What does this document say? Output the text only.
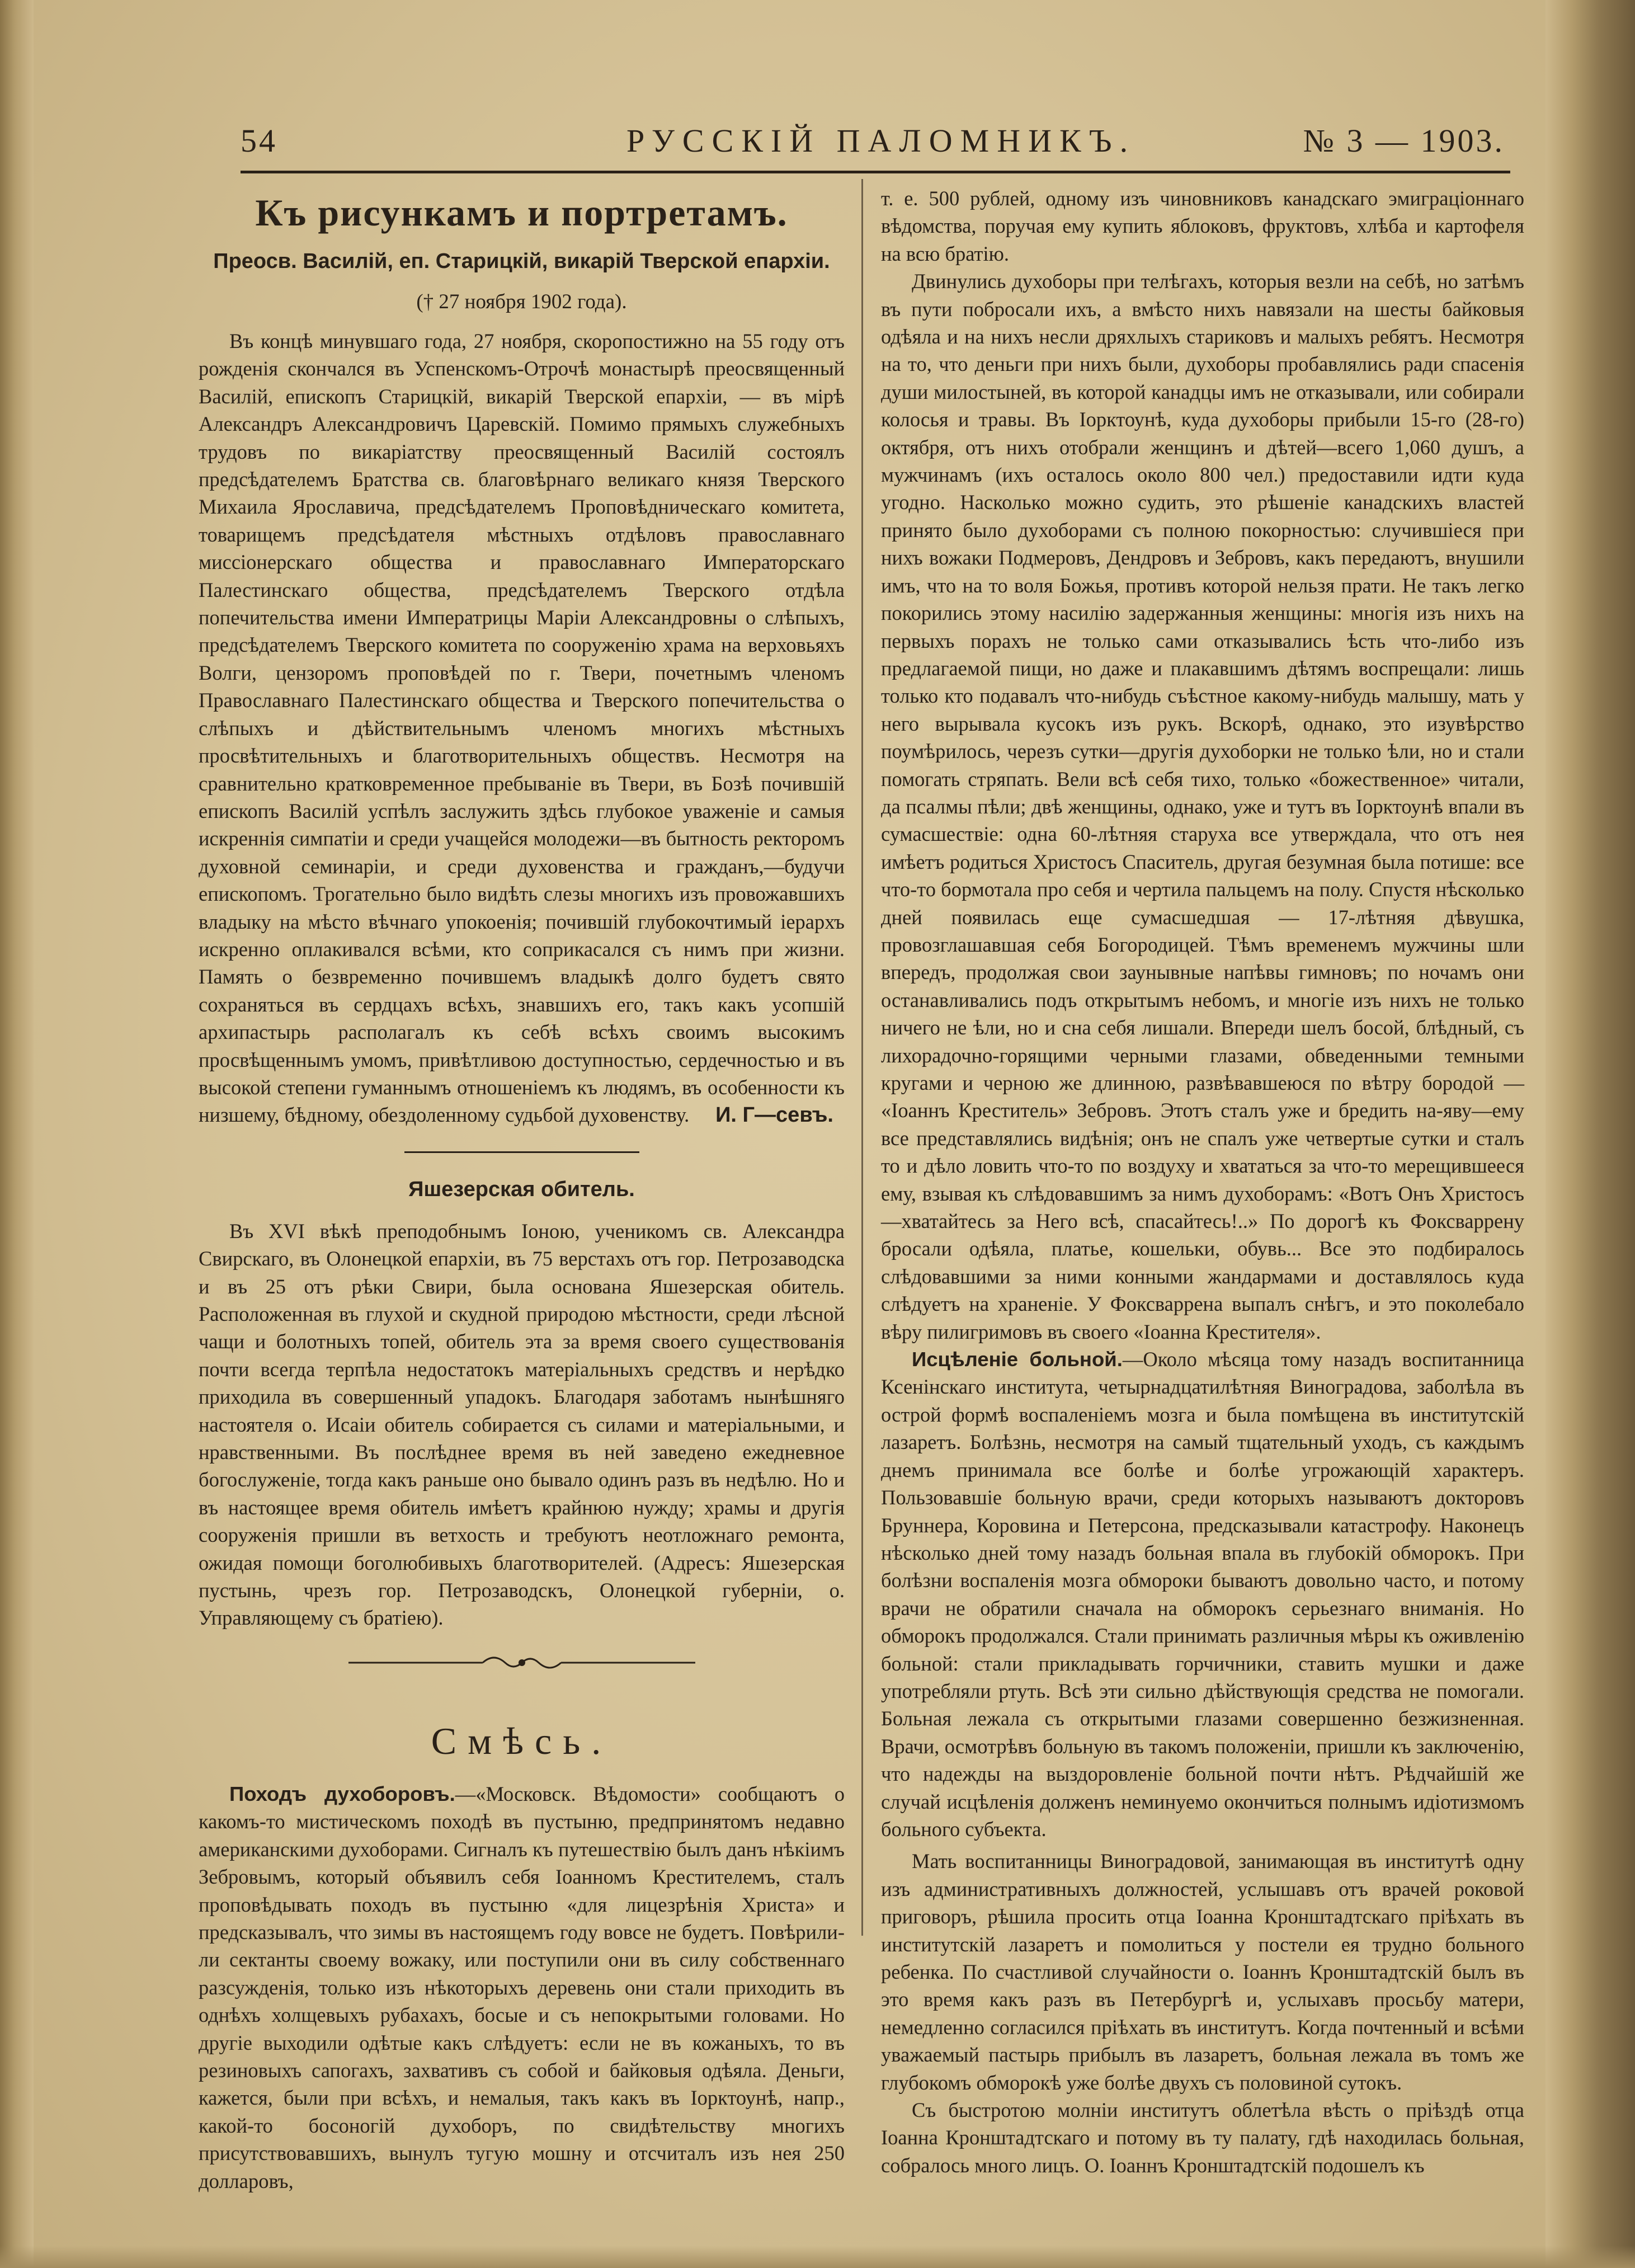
54	РУССКІЙ ПАЛОМНИКЪ.	№ 3 — 1903.
Къ рисункамъ и портретамъ.
Преосв. Василій, еп. Старицкій, викарій Тверской епархіи.
(† 27 ноября 1902 года).

Въ концѣ минувшаго года, 27 ноября, скоропостижно на 55 году отъ рожденія скончался въ Успенскомъ-Отрочѣ монастырѣ преосвященный Василій, епископъ Старицкій, викарій Тверской епархіи, — въ мірѣ Александръ Александровичъ Царевскій. Помимо прямыхъ служебныхъ трудовъ по викаріатству преосвященный Василій состоялъ предсѣдателемъ Братства св. благовѣрнаго великаго князя Тверского Михаила Ярославича, предсѣдателемъ Проповѣдническаго комитета, товарищемъ предсѣдателя мѣстныхъ отдѣловъ православнаго миссіонерскаго общества и православнаго Императорскаго Палестинскаго общества, предсѣдателемъ Тверского отдѣла попечительства имени Императрицы Маріи Александровны о слѣпыхъ, предсѣдателемъ Тверского комитета по сооруженію храма на верховьяхъ Волги, цензоромъ проповѣдей по г. Твери, почетнымъ членомъ Православнаго Палестинскаго общества и Тверского попечительства о слѣпыхъ и дѣйствительнымъ членомъ многихъ мѣстныхъ просвѣтительныхъ и благотворительныхъ обществъ. Несмотря на сравнительно кратковременное пребываніе въ Твери, въ Бозѣ почившій епископъ Василій успѣлъ заслужить здѣсь глубокое уваженіе и самыя искреннія симпатіи и среди учащейся молодежи—въ бытность ректоромъ духовной семинаріи, и среди духовенства и гражданъ,—будучи епископомъ. Трогательно было видѣть слезы многихъ изъ провожавшихъ владыку на мѣсто вѣчнаго упокоенія; почившій глубокочтимый іерархъ искренно оплакивался всѣми, кто соприкасался съ нимъ при жизни. Память о безвременно почившемъ владыкѣ долго будетъ свято сохраняться въ сердцахъ всѣхъ, знавшихъ его, такъ какъ усопшій архипастырь располагалъ къ себѣ всѣхъ своимъ высокимъ просвѣщеннымъ умомъ, привѣтливою доступностью, сердечностью и въ высокой степени гуманнымъ отношеніемъ къ людямъ, въ особенности къ низшему, бѣдному, обездоленному судьбой духовенству.	И. Г—севъ.
Яшезерская обитель.

Въ XVI вѣкѣ преподобнымъ Іоною, ученикомъ св. Александра Свирскаго, въ Олонецкой епархіи, въ 75 верстахъ отъ гор. Петрозаводска и въ 25 отъ рѣки Свири, была основана Яшезерская обитель. Расположенная въ глухой и скудной природою мѣстности, среди лѣсной чащи и болотныхъ топей, обитель эта за время своего существованія почти всегда терпѣла недостатокъ матеріальныхъ средствъ и нерѣдко приходила въ совершенный упадокъ. Благодаря заботамъ нынѣшняго настоятеля о. Исаіи обитель собирается съ силами и матеріальными, и нравственными. Въ послѣднее время въ ней заведено ежедневное богослуженіе, тогда какъ раньше оно бывало одинъ разъ въ недѣлю. Но и въ настоящее время обитель имѣетъ крайнюю нужду; храмы и другія сооруженія пришли въ ветхость и требуютъ неотложнаго ремонта, ожидая помощи боголюбивыхъ благотворителей. (Адресъ: Яшезерская пустынь, чрезъ гор. Петрозаводскъ, Олонецкой губерніи, о. Управляющему съ братіею).

Смѣсь.

Походъ духоборовъ.—«Московск. Вѣдомости» сообщаютъ о какомъ-то мистическомъ походѣ въ пустыню, предпринятомъ недавно американскими духоборами. Сигналъ къ путешествію былъ данъ нѣкіимъ Зебровымъ, который объявилъ себя Іоанномъ Крестителемъ, сталъ проповѣдывать походъ въ пустыню «для лицезрѣнія Христа» и предсказывалъ, что зимы въ настоящемъ году вовсе не будетъ. Повѣрили-ли сектанты своему вожаку, или поступили они въ силу собственнаго разсужденія, только изъ нѣкоторыхъ деревень они стали приходить въ однѣхъ холщевыхъ рубахахъ, босые и съ непокрытыми головами. Но другіе выходили одѣтые какъ слѣдуетъ: если не въ кожаныхъ, то въ резиновыхъ сапогахъ, захвативъ съ собой и байковыя одѣяла. Деньги, кажется, были при всѣхъ, и немалыя, такъ какъ въ Іорктоунѣ, напр., какой-то босоногій духоборъ, по свидѣтельству многихъ присутствовавшихъ, вынулъ тугую мошну и отсчиталъ изъ нея 250 долларовъ,

т. е. 500 рублей, одному изъ чиновниковъ канадскаго эмиграціоннаго вѣдомства, поручая ему купить яблоковъ, фруктовъ, хлѣба и картофеля на всю братію.

Двинулись духоборы при телѣгахъ, которыя везли на себѣ, но затѣмъ въ пути побросали ихъ, а вмѣсто нихъ навязали на шесты байковыя одѣяла и на нихъ несли дряхлыхъ стариковъ и малыхъ ребятъ. Несмотря на то, что деньги при нихъ были, духоборы пробавлялись ради спасенія души милостыней, въ которой канадцы имъ не отказывали, или собирали колосья и травы. Въ Іорктоунѣ, куда духоборы прибыли 15-го (28-го) октября, отъ нихъ отобрали женщинъ и дѣтей—всего 1,060 душъ, а мужчинамъ (ихъ осталось около 800 чел.) предоставили идти куда угодно. Насколько можно судить, это рѣшеніе канадскихъ властей принято было духоборами съ полною покорностью: случившіеся при нихъ вожаки Подмеровъ, Дендровъ и Зебровъ, какъ передаютъ, внушили имъ, что на то воля Божья, противъ которой нельзя прати. Не такъ легко покорились этому насилію задержанныя женщины: многія изъ нихъ на первыхъ порахъ не только сами отказывались ѣсть что-либо изъ предлагаемой пищи, но даже и плакавшимъ дѣтямъ воспрещали: лишь только кто подавалъ что-нибудь съѣстное какому-нибудь малышу, мать у него вырывала кусокъ изъ рукъ. Вскорѣ, однако, это изувѣрство поумѣрилось, черезъ сутки—другія духоборки не только ѣли, но и стали помогать стряпать. Вели всѣ себя тихо, только «божественное» читали, да псалмы пѣли; двѣ женщины, однако, уже и тутъ въ Іорктоунѣ впали въ сумасшествіе: одна 60-лѣтняя старуха все утверждала, что отъ нея имѣетъ родиться Христосъ Спаситель, другая безумная была потише: все что-то бормотала про себя и чертила пальцемъ на полу. Спустя нѣсколько дней появилась еще сумасшедшая — 17-лѣтняя дѣвушка, провозглашавшая себя Богородицей. Тѣмъ временемъ мужчины шли впередъ, продолжая свои заунывные напѣвы гимновъ; по ночамъ они останавливались подъ открытымъ небомъ, и многіе изъ нихъ не только ничего не ѣли, но и сна себя лишали. Впереди шелъ босой, блѣдный, съ лихорадочно-горящими черными глазами, обведенными темными кругами и черною же длинною, развѣвавшеюся по вѣтру бородой — «Іоаннъ Креститель» Зебровъ. Этотъ сталъ уже и бредить на-яву—ему все представлялись видѣнія; онъ не спалъ уже четвертые сутки и сталъ то и дѣло ловить что-то по воздуху и хвататься за что-то мерещившееся ему, взывая къ слѣдовавшимъ за нимъ духоборамъ: «Вотъ Онъ Христосъ—хватайтесь за Него всѣ, спасайтесь!..» По дорогѣ къ Фоксваррену бросали одѣяла, платье, кошельки, обувь... Все это подбиралось слѣдовавшими за ними конными жандармами и доставлялось куда слѣдуетъ на храненіе. У Фоксваррена выпалъ снѣгъ, и это поколебало вѣру пилигримовъ въ своего «Іоанна Крестителя».

Исцѣленіе больной.—Около мѣсяца тому назадъ воспитанница Ксенінскаго института, четырнадцатилѣтняя Виноградова, заболѣла въ острой формѣ воспаленіемъ мозга и была помѣщена въ институтскій лазаретъ. Болѣзнь, несмотря на самый тщательный уходъ, съ каждымъ днемъ принимала все болѣе и болѣе угрожающій характеръ. Пользовавшіе больную врачи, среди которыхъ называютъ докторовъ Бруннера, Коровина и Петерсона, предсказывали катастрофу. Наконецъ нѣсколько дней тому назадъ больная впала въ глубокій обморокъ. При болѣзни воспаленія мозга обмороки бываютъ довольно часто, и потому врачи не обратили сначала на обморокъ серьезнаго вниманія. Но обморокъ продолжался. Стали принимать различныя мѣры къ оживленію больной: стали прикладывать горчичники, ставить мушки и даже употребляли ртуть. Всѣ эти сильно дѣйствующія средства не помогали. Больная лежала съ открытыми глазами совершенно безжизненная. Врачи, осмотрѣвъ больную въ такомъ положеніи, пришли къ заключенію, что надежды на выздоровленіе больной почти нѣтъ. Рѣдчайшій же случай исцѣленія долженъ неминуемо окончиться полнымъ идіотизмомъ больного субъекта.

Мать воспитанницы Виноградовой, занимающая въ институтѣ одну изъ административныхъ должностей, услышавъ отъ врачей роковой приговоръ, рѣшила просить отца Іоанна Кронштадтскаго пріѣхать въ институтскій лазаретъ и помолиться у постели ея трудно больного ребенка. По счастливой случайности о. Іоаннъ Кронштадтскій былъ въ это время какъ разъ въ Петербургѣ и, услыхавъ просьбу матери, немедленно согласился пріѣхать въ институтъ. Когда почтенный и всѣми уважаемый пастырь прибылъ въ лазаретъ, больная лежала въ томъ же глубокомъ обморокѣ уже болѣе двухъ съ половиной сутокъ.

Съ быстротою молніи институтъ облетѣла вѣсть о пріѣздѣ отца Іоанна Кронштадтскаго и потому въ ту палату, гдѣ находилась больная, собралось много лицъ. О. Іоаннъ Кронштадтскій подошелъ къ
